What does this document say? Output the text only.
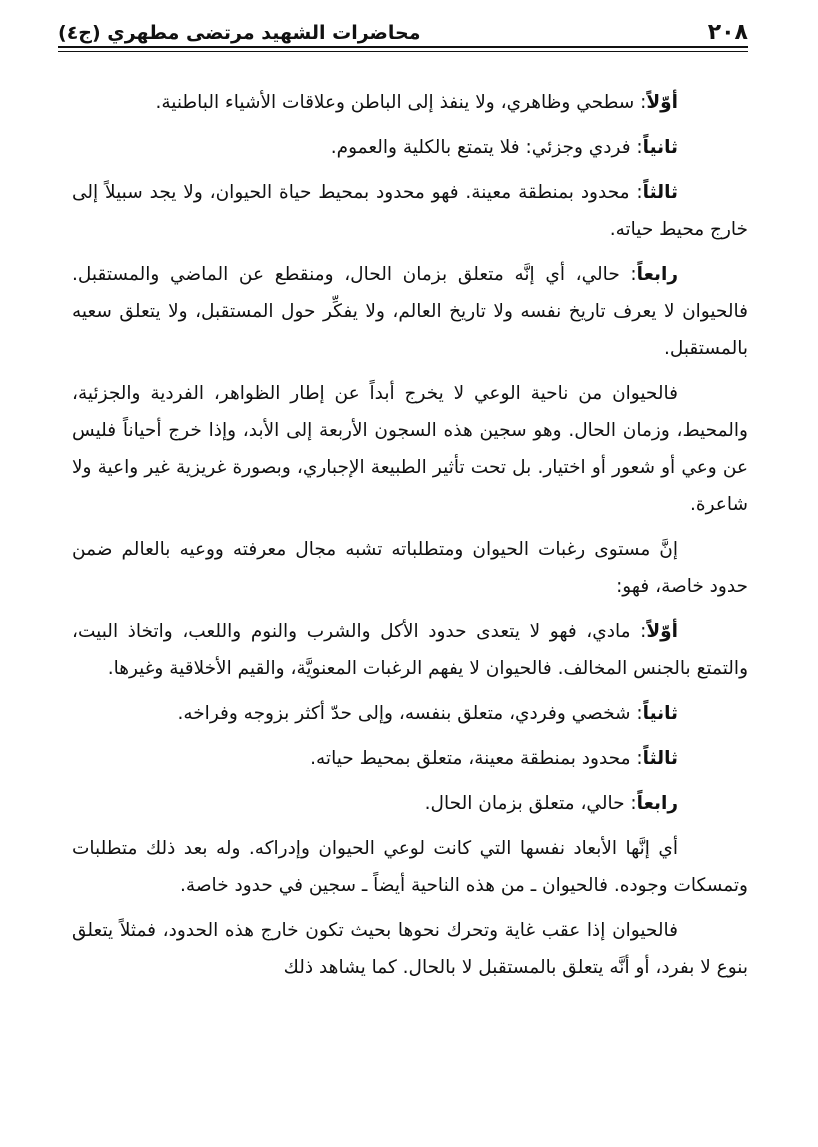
٢٠٨
محاضرات الشهيد مرتضى مطهري (ج٤)

أوّلاً: سطحي وظاهري، ولا ينفذ إلى الباطن وعلاقات الأشياء الباطنية.

ثانياً: فردي وجزئي: فلا يتمتع بالكلية والعموم.

ثالثاً: محدود بمنطقة معينة. فهو محدود بمحيط حياة الحيوان، ولا يجد سبيلاً إلى خارج محيط حياته.

رابعاً: حالي، أي إنَّه متعلق بزمان الحال، ومنقطع عن الماضي والمستقبل. فالحيوان لا يعرف تاريخ نفسه ولا تاريخ العالم، ولا يفكِّر حول المستقبل، ولا يتعلق سعيه بالمستقبل.

فالحيوان من ناحية الوعي لا يخرج أبداً عن إطار الظواهر، الفردية والجزئية، والمحيط، وزمان الحال. وهو سجين هذه السجون الأربعة إلى الأبد، وإذا خرج أحياناً فليس عن وعي أو شعور أو اختيار. بل تحت تأثير الطبيعة الإجباري، وبصورة غريزية غير واعية ولا شاعرة.

إنَّ مستوى رغبات الحيوان ومتطلباته تشبه مجال معرفته ووعيه بالعالم ضمن حدود خاصة، فهو:

أوّلاً: مادي، فهو لا يتعدى حدود الأكل والشرب والنوم واللعب، واتخاذ البيت، والتمتع بالجنس المخالف. فالحيوان لا يفهم الرغبات المعنويَّة، والقيم الأخلاقية وغيرها.

ثانياً: شخصي وفردي، متعلق بنفسه، وإلى حدّ أكثر بزوجه وفراخه.

ثالثاً: محدود بمنطقة معينة، متعلق بمحيط حياته.

رابعاً: حالي، متعلق بزمان الحال.

أي إنَّها الأبعاد نفسها التي كانت لوعي الحيوان وإدراكه. وله بعد ذلك متطلبات وتمسكات وجوده. فالحيوان ـ من هذه الناحية أيضاً ـ سجين في حدود خاصة.

فالحيوان إذا عقب غاية وتحرك نحوها بحيث تكون خارج هذه الحدود، فمثلاً يتعلق بنوع لا بفرد، أو أنَّه يتعلق بالمستقبل لا بالحال. كما يشاهد ذلك
